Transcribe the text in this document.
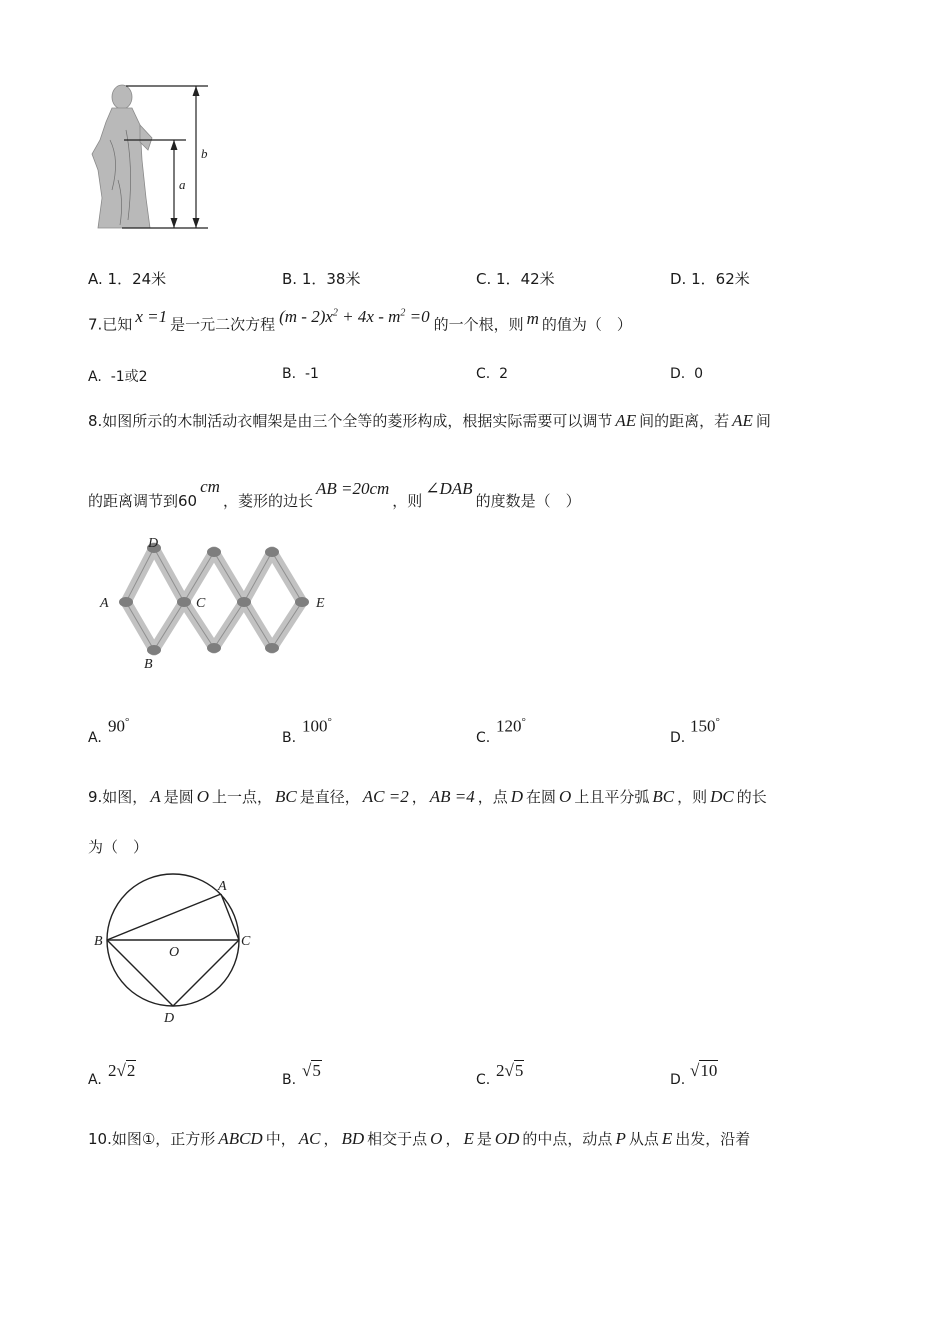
a
b
A. 1．24米	B. 1．38米	C. 1．42米	D. 1．62米
7.已知 x =1 是一元二次方程 $(m - 2)x^2 + 4x - m^2 =0$ 的一个根，则 m 的值为（　）
A. -1或2	B. -1	C. 2	D. 0
8.如图所示的木制活动衣帽架是由三个全等的菱形构成，根据实际需要可以调节 AE 间的距离，若 AE 间
的距离调节到60cm，菱形的边长AB =20cm，则∠DAB的度数是（　）
D
A	C	E
B
A.
90°
B.
100°
C.
120°
D.
150°
9.如图， A 是圆 O 上一点， BC 是直径， AC =2 ， AB =4 ，点 D 在圆 O 上且平分弧 BC ，则 DC 的长
为（　）
A
B	C
O
D
A. 2 √ 2	B. √ 5	C. 2 √ 5	D. √ 10
10.如图①，正方形 ABCD 中， AC ， BD 相交于点 O ， E 是 OD 的中点，动点 P 从点 E 出发，沿着
